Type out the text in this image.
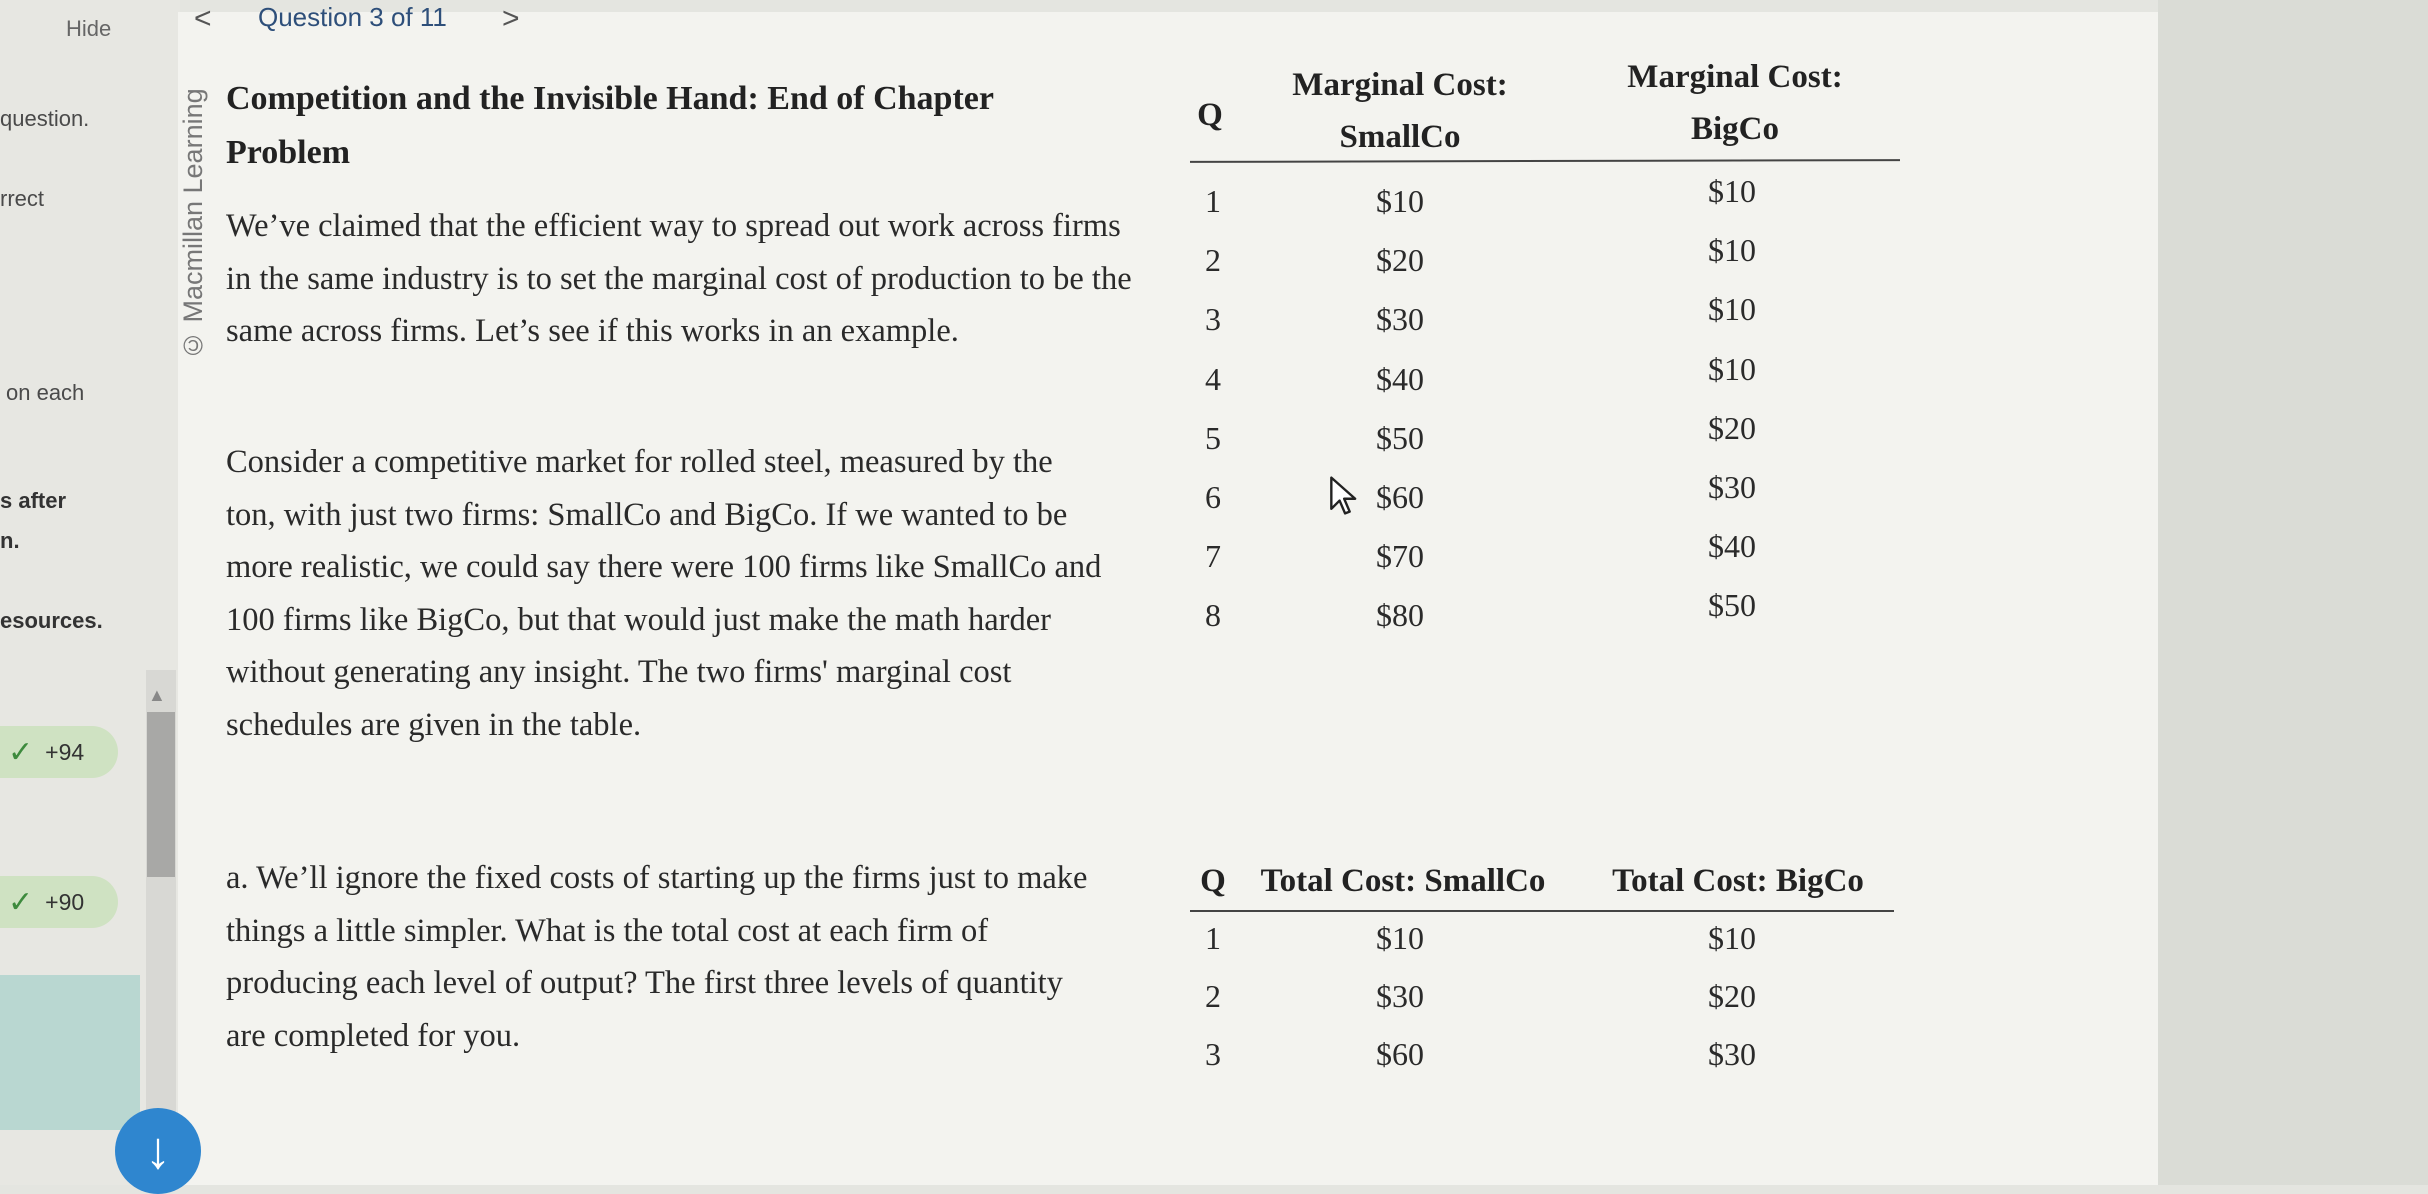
Hide
question.
rrect
on each
s after
n.
esources.
✓ +94
✓ +90
▲
< Question 3 of 11 >
© Macmillan Learning Competition and the Invisible Hand: End of Chapter Problem
We’ve claimed that the efficient way to spread out work across firms in the same industry is to set the marginal cost of production to be the same across firms. Let’s see if this works in an example.
Consider a competitive market for rolled steel, measured by the ton, with just two firms: SmallCo and BigCo. If we wanted to be more realistic, we could say there were 100 firms like SmallCo and 100 firms like BigCo, but that would just make the math harder without generating any insight. The two firms' marginal cost schedules are given in the table.
a. We’ll ignore the fixed costs of starting up the firms just to make things a little simpler. What is the total cost at each firm of producing each level of output? The first three levels of quantity are completed for you.
Q
Marginal Cost:
SmallCo
Marginal Cost:
BigCo
1	$10	$10
2	$20	$10
3	$30	$10
4	$40	$10
5	$50	$20
6	$60	$30
7	$70	$40
8	$80	$50
Q	Total Cost: SmallCo	Total Cost: BigCo
1	$10	$10
2	$30	$20
3	$60	$30
↓
